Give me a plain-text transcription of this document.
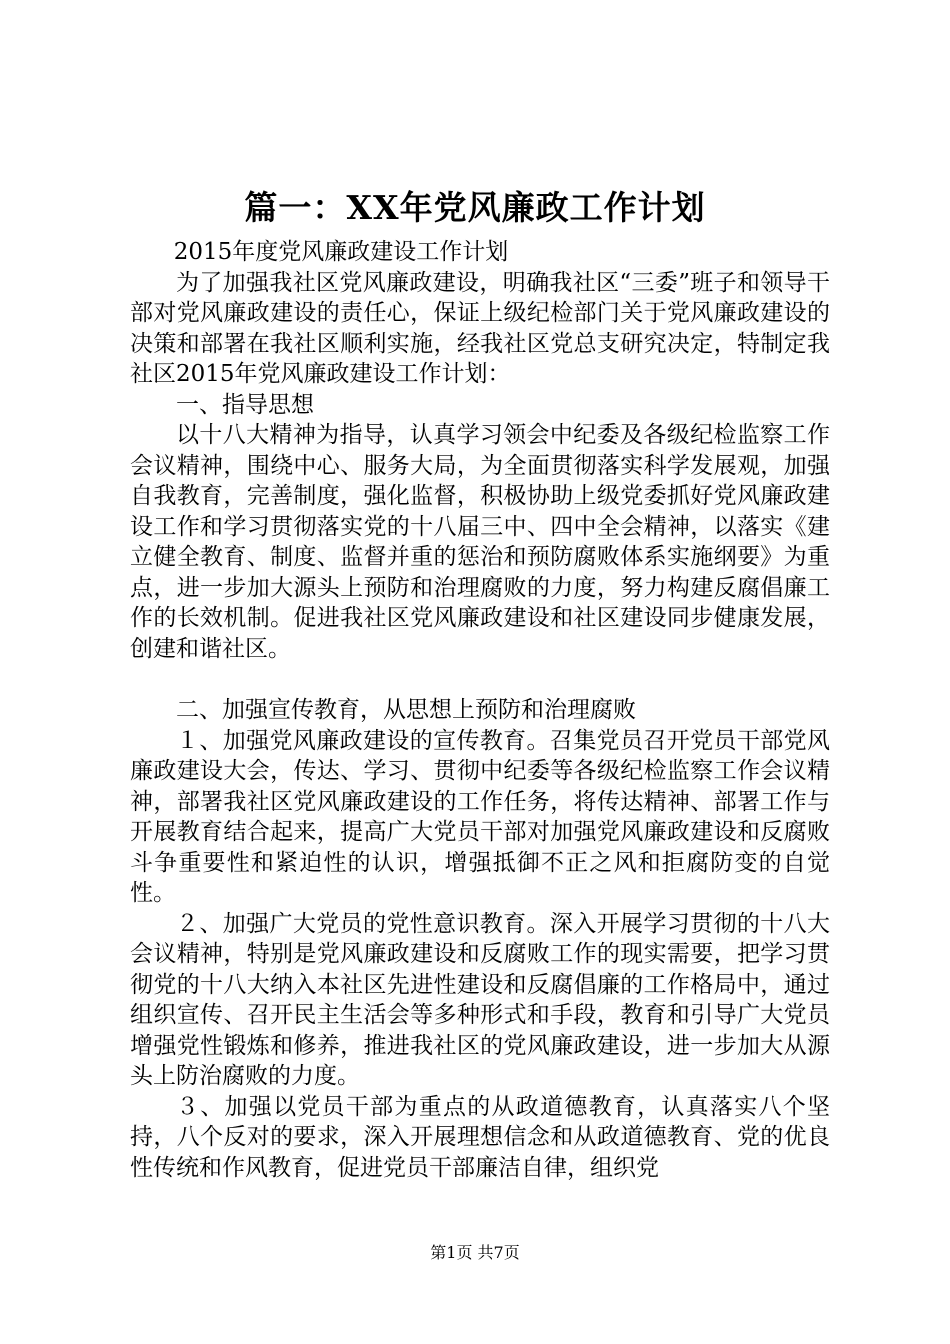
篇一：XX年党风廉政工作计划

2015年度党风廉政建设工作计划

为了加强我社区党风廉政建设，明确我社区“三委”班子和领导干部对党风廉政建设的责任心，保证上级纪检部门关于党风廉政建设的决策和部署在我社区顺利实施，经我社区党总支研究决定，特制定我社区2015年党风廉政建设工作计划：

一、指导思想

以十八大精神为指导，认真学习领会中纪委及各级纪检监察工作会议精神，围绕中心、服务大局，为全面贯彻落实科学发展观，加强自我教育，完善制度，强化监督，积极协助上级党委抓好党风廉政建设工作和学习贯彻落实党的十八届三中、四中全会精神，以落实《建立健全教育、制度、监督并重的惩治和预防腐败体系实施纲要》为重点，进一步加大源头上预防和治理腐败的力度，努力构建反腐倡廉工作的长效机制。促进我社区党风廉政建设和社区建设同步健康发展，创建和谐社区。

二、加强宣传教育，从思想上预防和治理腐败

１、加强党风廉政建设的宣传教育。召集党员召开党员干部党风廉政建设大会，传达、学习、贯彻中纪委等各级纪检监察工作会议精神，部署我社区党风廉政建设的工作任务，将传达精神、部署工作与开展教育结合起来，提高广大党员干部对加强党风廉政建设和反腐败斗争重要性和紧迫性的认识，增强抵御不正之风和拒腐防变的自觉性。

２、加强广大党员的党性意识教育。深入开展学习贯彻的十八大会议精神，特别是党风廉政建设和反腐败工作的现实需要，把学习贯彻党的十八大纳入本社区先进性建设和反腐倡廉的工作格局中，通过组织宣传、召开民主生活会等多种形式和手段，教育和引导广大党员增强党性锻炼和修养，推进我社区的党风廉政建设，进一步加大从源头上防治腐败的力度。

３、加强以党员干部为重点的从政道德教育，认真落实八个坚持，八个反对的要求，深入开展理想信念和从政道德教育、党的优良性传统和作风教育，促进党员干部廉洁自律，组织党

第1页 共7页
